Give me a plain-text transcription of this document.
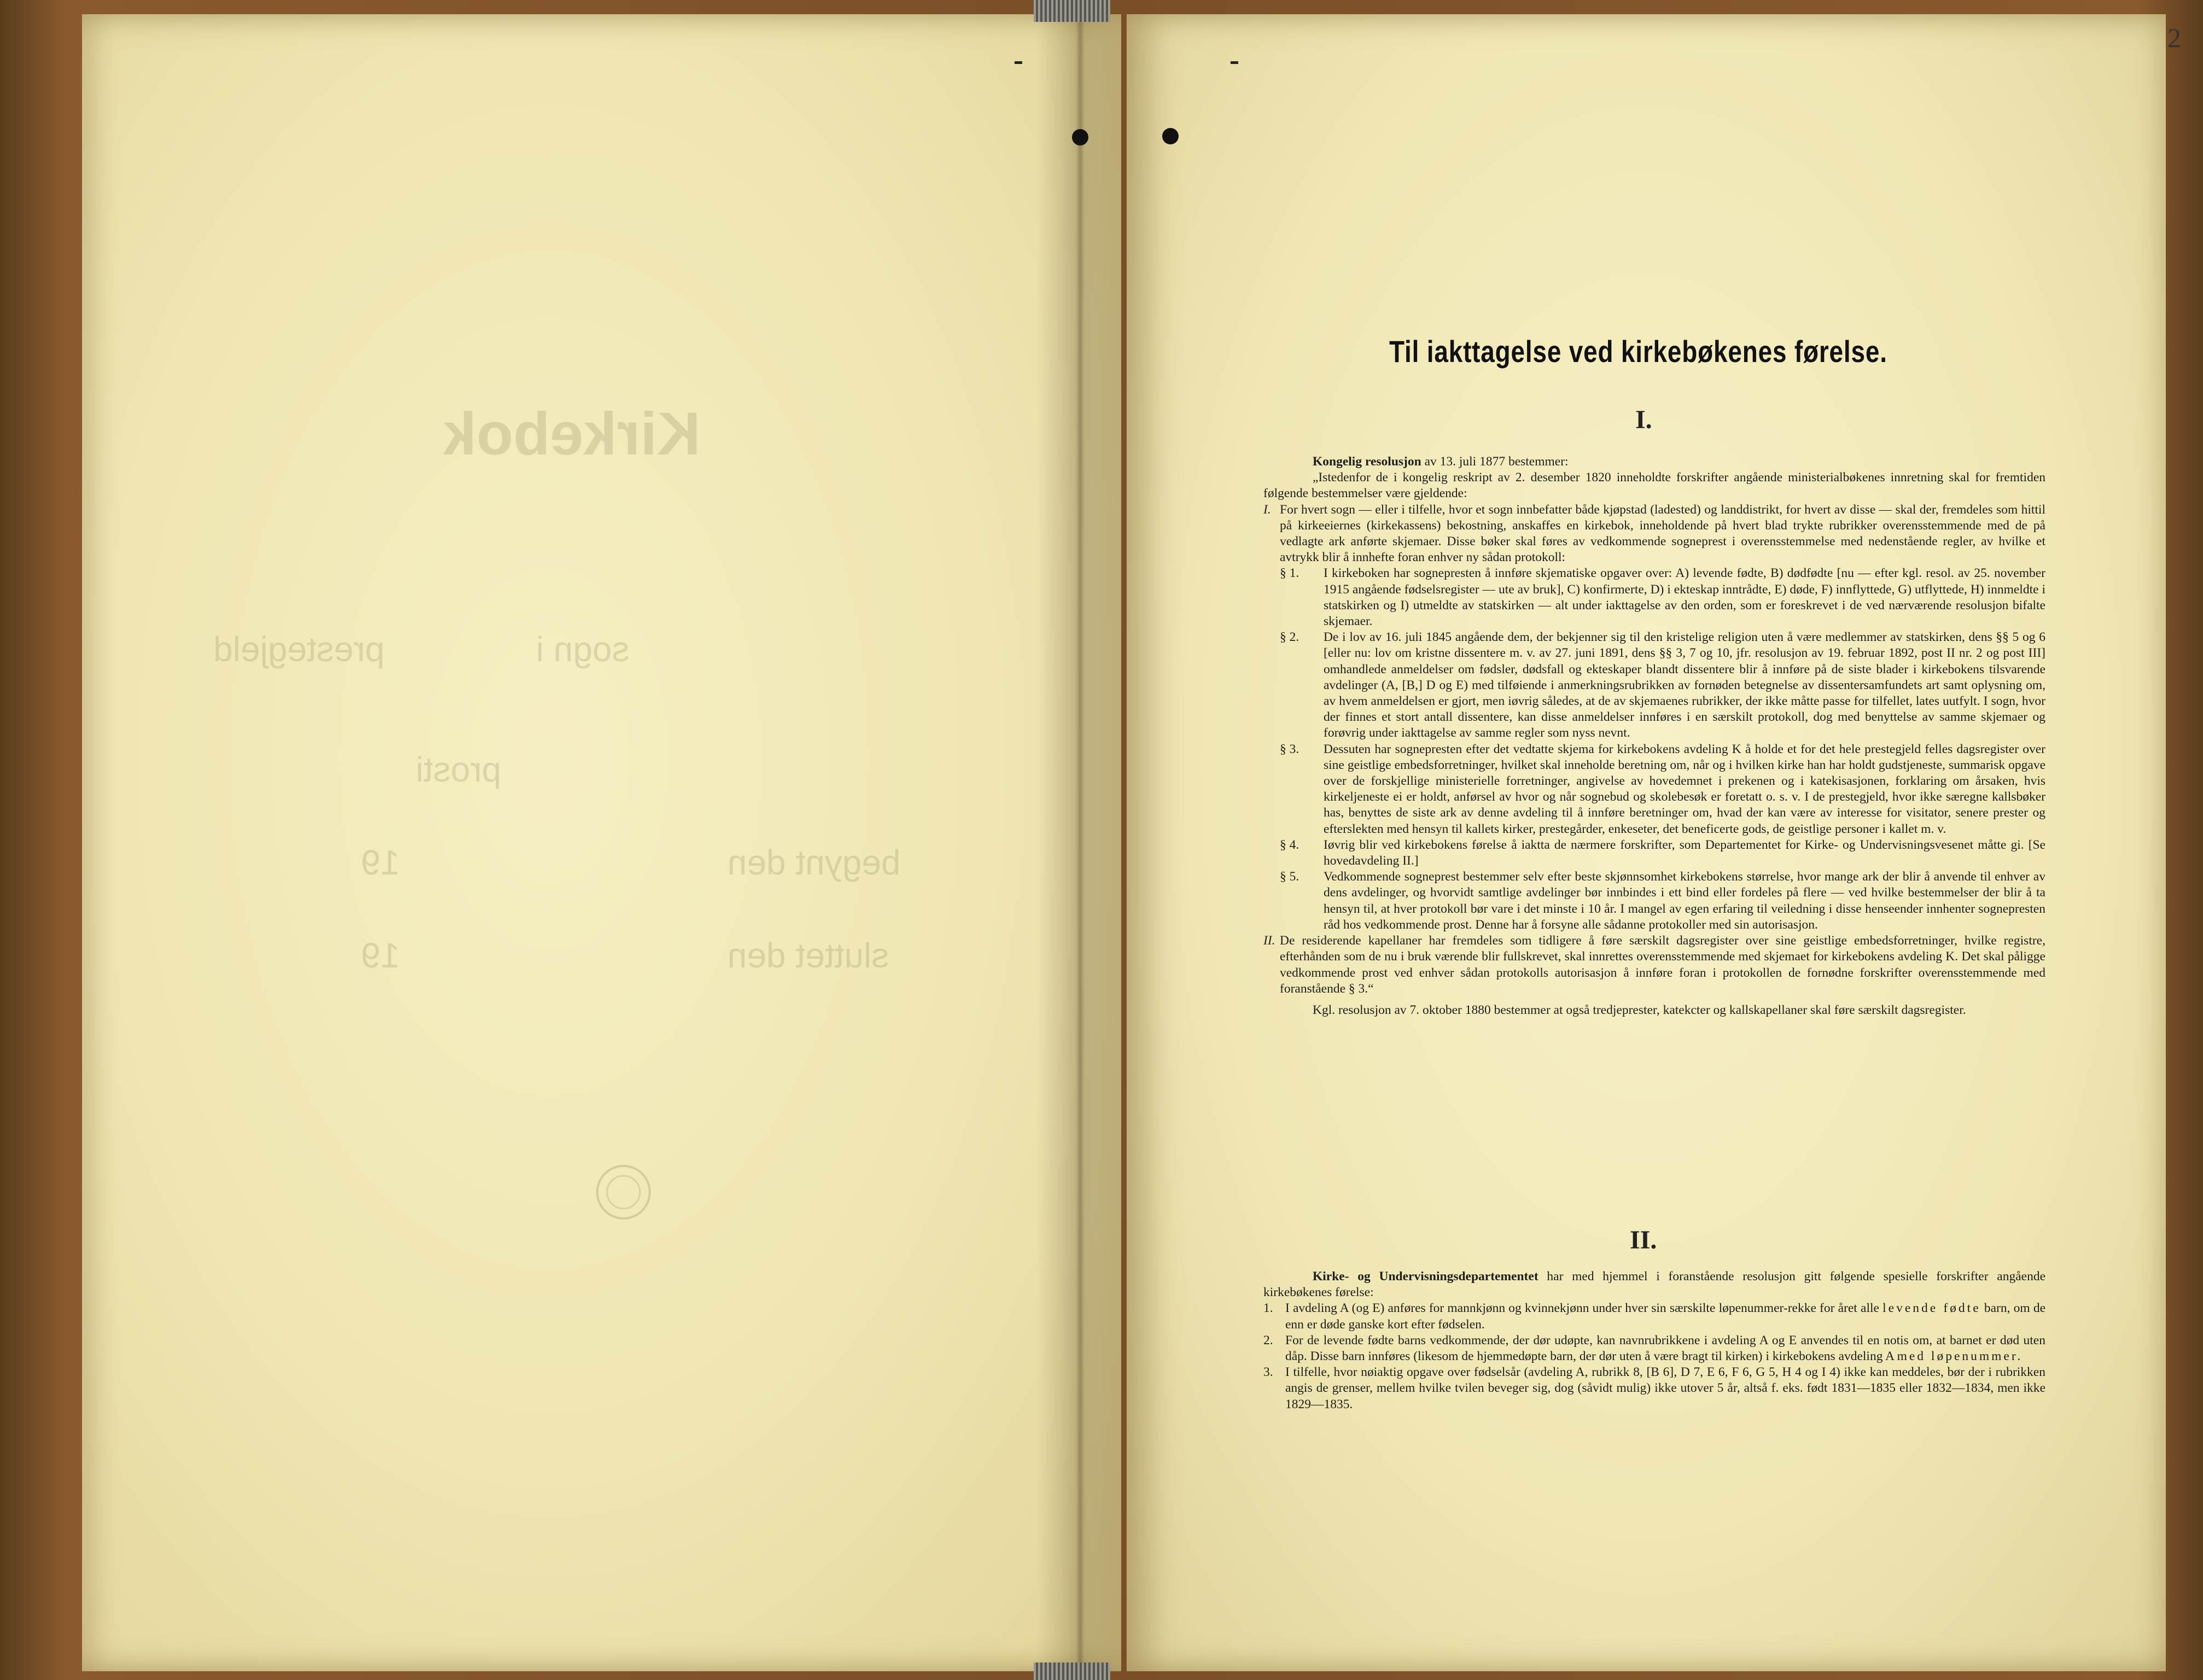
Kirkebok
sogn i
prestegjeld
prosti
begynt den
19
sluttet den
19
2
Til iakttagelse ved kirkebøkenes førelse.
I.

Kongelig resolusjon av 13. juli 1877 bestemmer:

„Istedenfor de i kongelig reskript av 2. desember 1820 inneholdte forskrifter angående ministerialbøkenes innretning skal for fremtiden følgende bestemmelser være gjeldende:

I. For hvert sogn — eller i tilfelle, hvor et sogn innbefatter både kjøpstad (ladested) og landdistrikt, for hvert av disse — skal der, fremdeles som hittil på kirkeeiernes (kirkekassens) bekostning, anskaffes en kirkebok, inneholdende på hvert blad trykte rubrikker overensstemmende med de på vedlagte ark anførte skjemaer. Disse bøker skal føres av vedkommende sogneprest i overensstemmelse med nedenstående regler, av hvilke et avtrykk blir å innhefte foran enhver ny sådan protokoll:
§ 1.	I kirkeboken har sognepresten å innføre skjematiske opgaver over: A) levende fødte, B) dødfødte [nu — efter kgl. resol. av 25. november 1915 angående fødselsregister — ute av bruk], C) konfirmerte, D) i ekteskap inntrådte, E) døde, F) innflyttede, G) utflyttede, H) innmeldte i statskirken og I) utmeldte av statskirken — alt under iakttagelse av den orden, som er foreskrevet i de ved nærværende resolusjon bifalte skjemaer.
§ 2.	De i lov av 16. juli 1845 angående dem, der bekjenner sig til den kristelige religion uten å være medlemmer av statskirken, dens §§ 5 og 6 [eller nu: lov om kristne dissentere m. v. av 27. juni 1891, dens §§ 3, 7 og 10, jfr. resolusjon av 19. februar 1892, post II nr. 2 og post III] omhandlede anmeldelser om fødsler, dødsfall og ekteskaper blandt dissentere blir å innføre på de siste blader i kirkebokens tilsvarende avdelinger (A, [B,] D og E) med tilføiende i anmerkningsrubrikken av fornøden betegnelse av dissentersamfundets art samt oplysning om, av hvem anmeldelsen er gjort, men iøvrig således, at de av skjemaenes rubrikker, der ikke måtte passe for tilfellet, lates uutfylt. I sogn, hvor der finnes et stort antall dissentere, kan disse anmeldelser innføres i en særskilt protokoll, dog med benyttelse av samme skjemaer og forøvrig under iakttagelse av samme regler som nyss nevnt.
§ 3.	Dessuten har sognepresten efter det vedtatte skjema for kirkebokens avdeling K å holde et for det hele prestegjeld felles dagsregister over sine geistlige embedsforretninger, hvilket skal inneholde beretning om, når og i hvilken kirke han har holdt gudstjeneste, summarisk opgave over de forskjellige ministerielle forretninger, angivelse av hovedemnet i prekenen og i katekisasjonen, forklaring om årsaken, hvis kirkeljeneste ei er holdt, anførsel av hvor og når sognebud og skolebesøk er foretatt o. s. v. I de prestegjeld, hvor ikke særegne kallsbøker has, benyttes de siste ark av denne avdeling til å innføre beretninger om, hvad der kan være av interesse for visitator, senere prester og efterslekten med hensyn til kallets kirker, prestegårder, enkeseter, det beneficerte gods, de geistlige personer i kallet m. v.
§ 4.	Iøvrig blir ved kirkebokens førelse å iaktta de nærmere forskrifter, som Departementet for Kirke- og Undervisningsvesenet måtte gi. [Se hovedavdeling II.]
§ 5.	Vedkommende sogneprest bestemmer selv efter beste skjønnsomhet kirkebokens størrelse, hvor mange ark der blir å anvende til enhver av dens avdelinger, og hvorvidt samtlige avdelinger bør innbindes i ett bind eller fordeles på flere — ved hvilke bestemmelser der blir å ta hensyn til, at hver protokoll bør vare i det minste i 10 år. I mangel av egen erfaring til veiledning i disse henseender innhenter sognepresten råd hos vedkommende prost. Denne har å forsyne alle sådanne protokoller med sin autorisasjon.
II. De residerende kapellaner har fremdeles som tidligere å føre særskilt dagsregister over sine geistlige embedsforretninger, hvilke registre, efterhånden som de nu i bruk værende blir fullskrevet, skal innrettes overensstemmende med skjemaet for kirkebokens avdeling K. Det skal påligge vedkommende prost ved enhver sådan protokolls autorisasjon å innføre foran i protokollen de fornødne forskrifter overensstemmende med foranstående § 3.“

Kgl. resolusjon av 7. oktober 1880 bestemmer at også tredjeprester, katekcter og kallskapellaner skal føre særskilt dagsregister.

II.

Kirke- og Undervisningsdepartementet har med hjemmel i foranstående resolusjon gitt følgende spesielle forskrifter angående kirkebøkenes førelse:

1. I avdeling A (og E) anføres for mannkjønn og kvinnekjønn under hver sin særskilte løpenummer-rekke for året alle levende fødte barn, om de enn er døde ganske kort efter fødselen.
2. For de levende fødte barns vedkommende, der dør udøpte, kan navnrubrikkene i avdeling A og E anvendes til en notis om, at barnet er død uten dåp. Disse barn innføres (likesom de hjemmedøpte barn, der dør uten å være bragt til kirken) i kirkebokens avdeling A med løpenummer.
3. I tilfelle, hvor nøiaktig opgave over fødselsår (avdeling A, rubrikk 8, [B 6], D 7, E 6, F 6, G 5, H 4 og I 4) ikke kan meddeles, bør der i rubrikken angis de grenser, mellem hvilke tvilen beveger sig, dog (såvidt mulig) ikke utover 5 år, altså f. eks. født 1831—1835 eller 1832—1834, men ikke 1829—1835.
